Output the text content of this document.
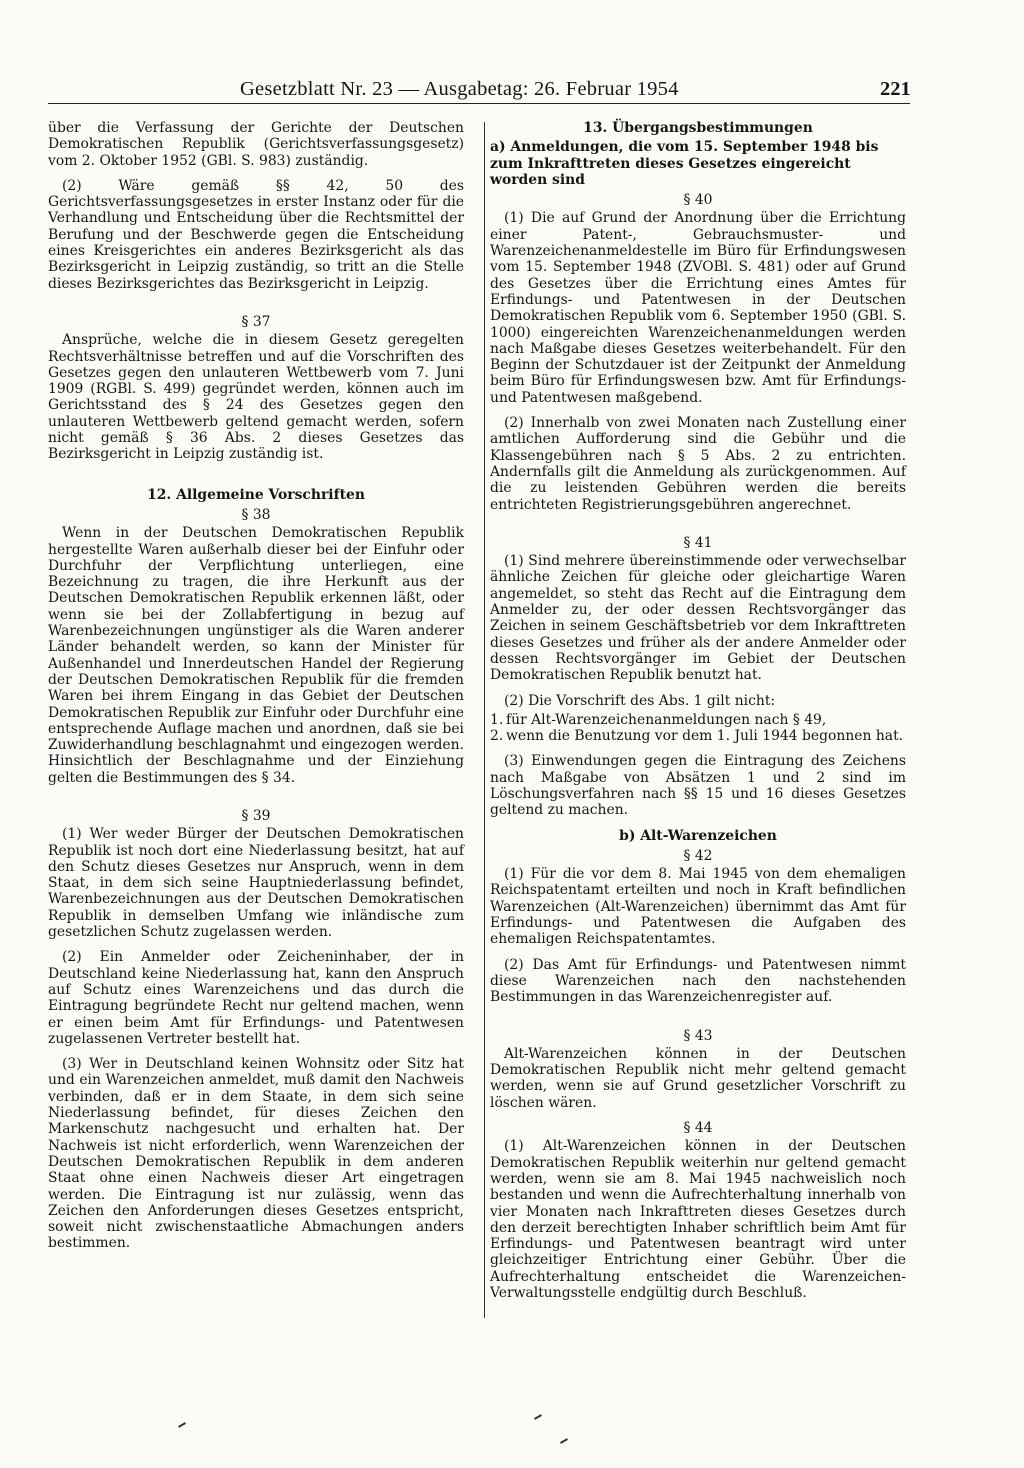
Gesetzblatt Nr. 23 — Ausgabetag: 26. Februar 1954	221

über die Verfassung der Gerichte der Deutschen Demokratischen Republik (Gerichtsverfassungsgesetz) vom 2. Oktober 1952 (GBl. S. 983) zuständig.

(2) Wäre gemäß §§ 42, 50 des Gerichtsverfassungsgesetzes in erster Instanz oder für die Verhandlung und Entscheidung über die Rechtsmittel der Berufung und der Beschwerde gegen die Entscheidung eines Kreisgerichtes ein anderes Bezirksgericht als das Bezirksgericht in Leipzig zuständig, so tritt an die Stelle dieses Bezirksgerichtes das Bezirksgericht in Leipzig.

§ 37

Ansprüche, welche die in diesem Gesetz geregelten Rechtsverhältnisse betreffen und auf die Vorschriften des Gesetzes gegen den unlauteren Wettbewerb vom 7. Juni 1909 (RGBl. S. 499) gegründet werden, können auch im Gerichtsstand des § 24 des Gesetzes gegen den unlauteren Wettbewerb geltend gemacht werden, sofern nicht gemäß § 36 Abs. 2 dieses Gesetzes das Bezirksgericht in Leipzig zuständig ist.

12. Allgemeine Vorschriften
§ 38

Wenn in der Deutschen Demokratischen Republik hergestellte Waren außerhalb dieser bei der Einfuhr oder Durchfuhr der Verpflichtung unterliegen, eine Bezeichnung zu tragen, die ihre Herkunft aus der Deutschen Demokratischen Republik erkennen läßt, oder wenn sie bei der Zollabfertigung in bezug auf Warenbezeichnungen ungünstiger als die Waren anderer Länder behandelt werden, so kann der Minister für Außenhandel und Innerdeutschen Handel der Regierung der Deutschen Demokratischen Republik für die fremden Waren bei ihrem Eingang in das Gebiet der Deutschen Demokratischen Republik zur Einfuhr oder Durchfuhr eine entsprechende Auflage machen und anordnen, daß sie bei Zuwiderhandlung beschlagnahmt und eingezogen werden. Hinsichtlich der Beschlagnahme und der Einziehung gelten die Bestimmungen des § 34.

§ 39

(1) Wer weder Bürger der Deutschen Demokratischen Republik ist noch dort eine Niederlassung besitzt, hat auf den Schutz dieses Gesetzes nur Anspruch, wenn in dem Staat, in dem sich seine Hauptniederlassung befindet, Warenbezeichnungen aus der Deutschen Demokratischen Republik in demselben Umfang wie inländische zum gesetzlichen Schutz zugelassen werden.

(2) Ein Anmelder oder Zeicheninhaber, der in Deutschland keine Niederlassung hat, kann den Anspruch auf Schutz eines Warenzeichens und das durch die Eintragung begründete Recht nur geltend machen, wenn er einen beim Amt für Erfindungs- und Patentwesen zugelassenen Vertreter bestellt hat.

(3) Wer in Deutschland keinen Wohnsitz oder Sitz hat und ein Warenzeichen anmeldet, muß damit den Nachweis verbinden, daß er in dem Staate, in dem sich seine Niederlassung befindet, für dieses Zeichen den Markenschutz nachgesucht und erhalten hat. Der Nachweis ist nicht erforderlich, wenn Warenzeichen der Deutschen Demokratischen Republik in dem anderen Staat ohne einen Nachweis dieser Art eingetragen werden. Die Eintragung ist nur zulässig, wenn das Zeichen den Anforderungen dieses Gesetzes entspricht, soweit nicht zwischenstaatliche Abmachungen anders bestimmen.

13. Übergangsbestimmungen
a) Anmeldungen, die vom 15. September 1948 bis zum Inkrafttreten dieses Gesetzes eingereicht worden sind
§ 40

(1) Die auf Grund der Anordnung über die Errichtung einer Patent-, Gebrauchsmuster- und Warenzeichenanmeldestelle im Büro für Erfindungswesen vom 15. September 1948 (ZVOBl. S. 481) oder auf Grund des Gesetzes über die Errichtung eines Amtes für Erfindungs- und Patentwesen in der Deutschen Demokratischen Republik vom 6. September 1950 (GBl. S. 1000) eingereichten Warenzeichenanmeldungen werden nach Maßgabe dieses Gesetzes weiterbehandelt. Für den Beginn der Schutzdauer ist der Zeitpunkt der Anmeldung beim Büro für Erfindungswesen bzw. Amt für Erfindungs- und Patentwesen maßgebend.

(2) Innerhalb von zwei Monaten nach Zustellung einer amtlichen Aufforderung sind die Gebühr und die Klassengebühren nach § 5 Abs. 2 zu entrichten. Andernfalls gilt die Anmeldung als zurückgenommen. Auf die zu leistenden Gebühren werden die bereits entrichteten Registrierungsgebühren angerechnet.

§ 41

(1) Sind mehrere übereinstimmende oder verwechselbar ähnliche Zeichen für gleiche oder gleichartige Waren angemeldet, so steht das Recht auf die Eintragung dem Anmelder zu, der oder dessen Rechtsvorgänger das Zeichen in seinem Geschäftsbetrieb vor dem Inkrafttreten dieses Gesetzes und früher als der andere Anmelder oder dessen Rechtsvorgänger im Gebiet der Deutschen Demokratischen Republik benutzt hat.

(2) Die Vorschrift des Abs. 1 gilt nicht:

1. für Alt-Warenzeichenanmeldungen nach § 49,
2. wenn die Benutzung vor dem 1. Juli 1944 begonnen hat.

(3) Einwendungen gegen die Eintragung des Zeichens nach Maßgabe von Absätzen 1 und 2 sind im Löschungsverfahren nach §§ 15 und 16 dieses Gesetzes geltend zu machen.

b) Alt-Warenzeichen
§ 42

(1) Für die vor dem 8. Mai 1945 von dem ehemaligen Reichspatentamt erteilten und noch in Kraft befindlichen Warenzeichen (Alt-Warenzeichen) übernimmt das Amt für Erfindungs- und Patentwesen die Aufgaben des ehemaligen Reichspatentamtes.

(2) Das Amt für Erfindungs- und Patentwesen nimmt diese Warenzeichen nach den nachstehenden Bestimmungen in das Warenzeichenregister auf.

§ 43

Alt-Warenzeichen können in der Deutschen Demokratischen Republik nicht mehr geltend gemacht werden, wenn sie auf Grund gesetzlicher Vorschrift zu löschen wären.

§ 44

(1) Alt-Warenzeichen können in der Deutschen Demokratischen Republik weiterhin nur geltend gemacht werden, wenn sie am 8. Mai 1945 nachweislich noch bestanden und wenn die Aufrechterhaltung innerhalb von vier Monaten nach Inkrafttreten dieses Gesetzes durch den derzeit berechtigten Inhaber schriftlich beim Amt für Erfindungs- und Patentwesen beantragt wird unter gleichzeitiger Entrichtung einer Gebühr. Über die Aufrechterhaltung entscheidet die Warenzeichen-Verwaltungsstelle endgültig durch Beschluß.
